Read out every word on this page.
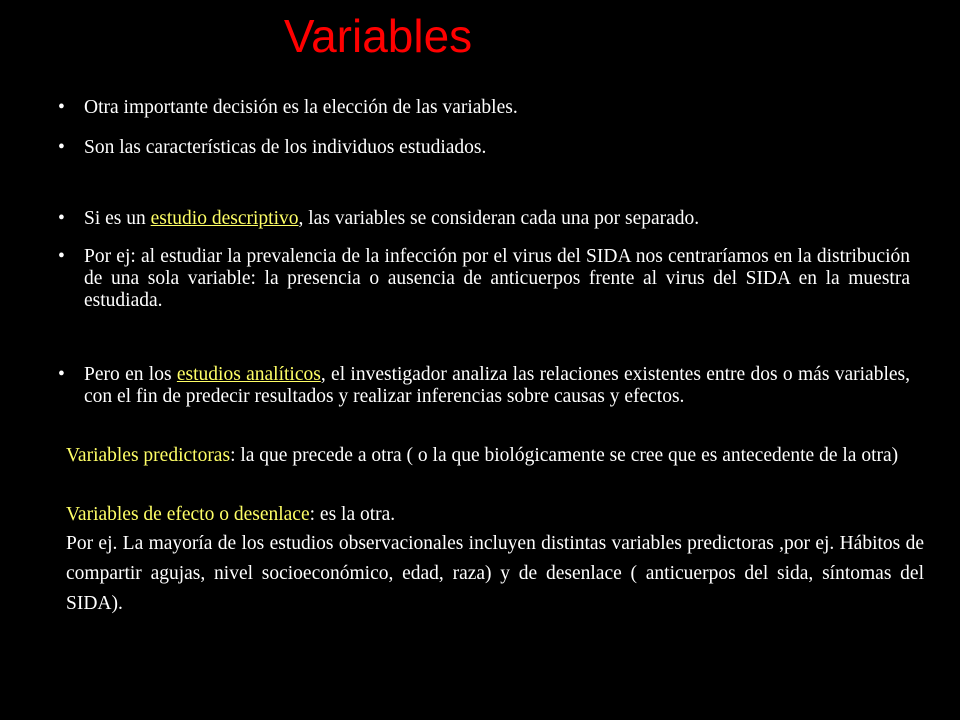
Variables
• Otra importante decisión es la elección de las variables.
• Son las características de los individuos estudiados.
• Si es un estudio descriptivo, las variables se consideran cada una por separado.
• Por ej: al estudiar la prevalencia de la infección por el virus del SIDA nos centraríamos en la distribución de una sola variable: la presencia o ausencia de anticuerpos frente al virus del SIDA en la muestra estudiada.
• Pero en los estudios analíticos, el investigador analiza las relaciones existentes entre dos o más variables, con el fin de predecir resultados y realizar inferencias sobre causas y efectos.
Variables predictoras: la que precede a otra ( o la que biológicamente se cree que es antecedente de la otra)
Variables de efecto o desenlace: es la otra.
Por ej. La mayoría de los estudios observacionales incluyen distintas variables predictoras ,por ej. Hábitos de compartir agujas, nivel socioeconómico, edad, raza) y de desenlace ( anticuerpos del sida, síntomas del SIDA).
